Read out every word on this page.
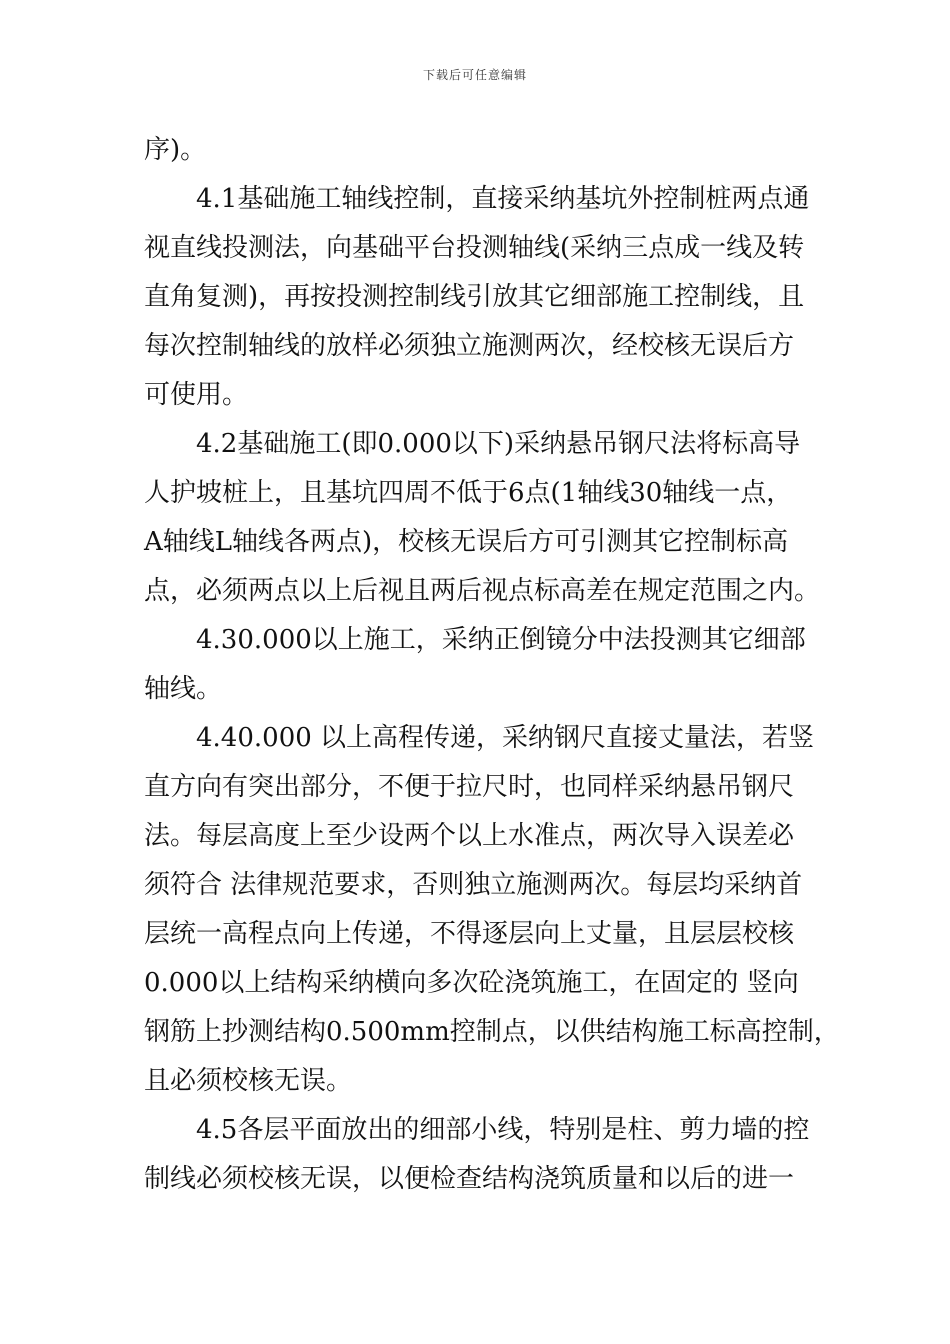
下载后可任意编辑
序)。
4.1基础施工轴线控制，直接采纳基坑外控制桩两点通
视直线投测法，向基础平台投测轴线(采纳三点成一线及转
直角复测)，再按投测控制线引放其它细部施工控制线，且
每次控制轴线的放样必须独立施测两次，经校核无误后方
可使用。
4.2基础施工(即0.000以下)采纳悬吊钢尺法将标高导
人护坡桩上，且基坑四周不低于6点(1轴线30轴线一点，
A轴线L轴线各两点)，校核无误后方可引测其它控制标高
点，必须两点以上后视且两后视点标高差在规定范围之内。
4.30.000以上施工，采纳正倒镜分中法投测其它细部
轴线。
4.40.000 以上高程传递，采纳钢尺直接丈量法，若竖
直方向有突出部分，不便于拉尺时，也同样采纳悬吊钢尺
法。每层高度上至少设两个以上水准点，两次导入误差必
须符合 法律规范要求，否则独立施测两次。每层均采纳首
层统一高程点向上传递，不得逐层向上丈量，且层层校核
0.000以上结构采纳横向多次砼浇筑施工，在固定的 竖向
钢筋上抄测结构0.500mm控制点，以供结构施工标高控制，
且必须校核无误。
4.5各层平面放出的细部小线，特别是柱、剪力墙的控
制线必须校核无误，以便检查结构浇筑质量和以后的进一
